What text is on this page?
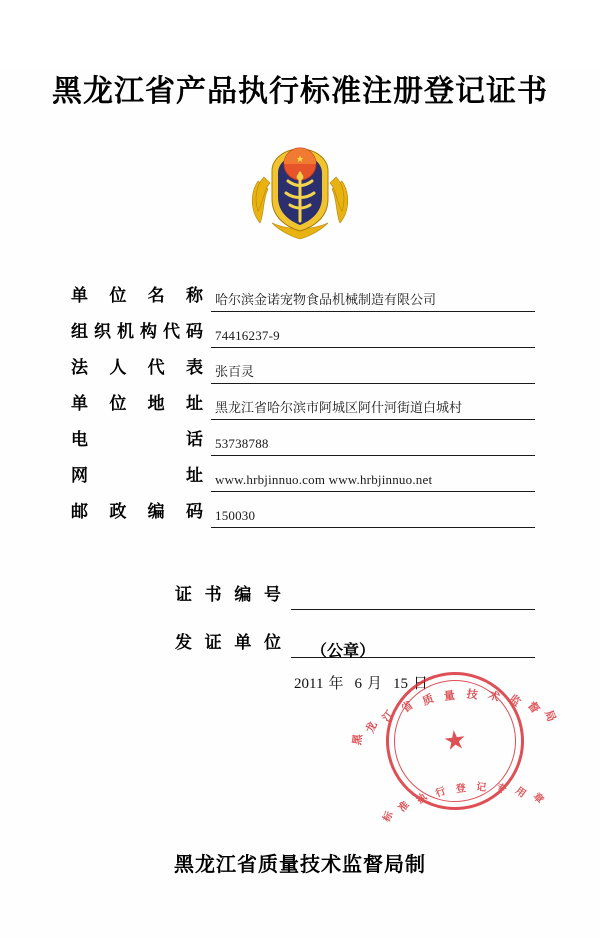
黑龙江省产品执行标准注册登记证书
★
单位名称 哈尔滨金诺宠物食品机械制造有限公司
组织机构代码 74416237-9
法人代表 张百灵
单位地址 黑龙江省哈尔滨市阿城区阿什河街道白城村
电话 53738788
网址 www.hrbjinnuo.com www.hrbjinnuo.net
邮政编码 150030
证书编号
发证单位	（公章）
2011 年 6 月 15 日
黑龙江省 质 量 技 术 监 督局
标准执 行 登 记 专 用 章
★
黑龙江省质量技术监督局制
